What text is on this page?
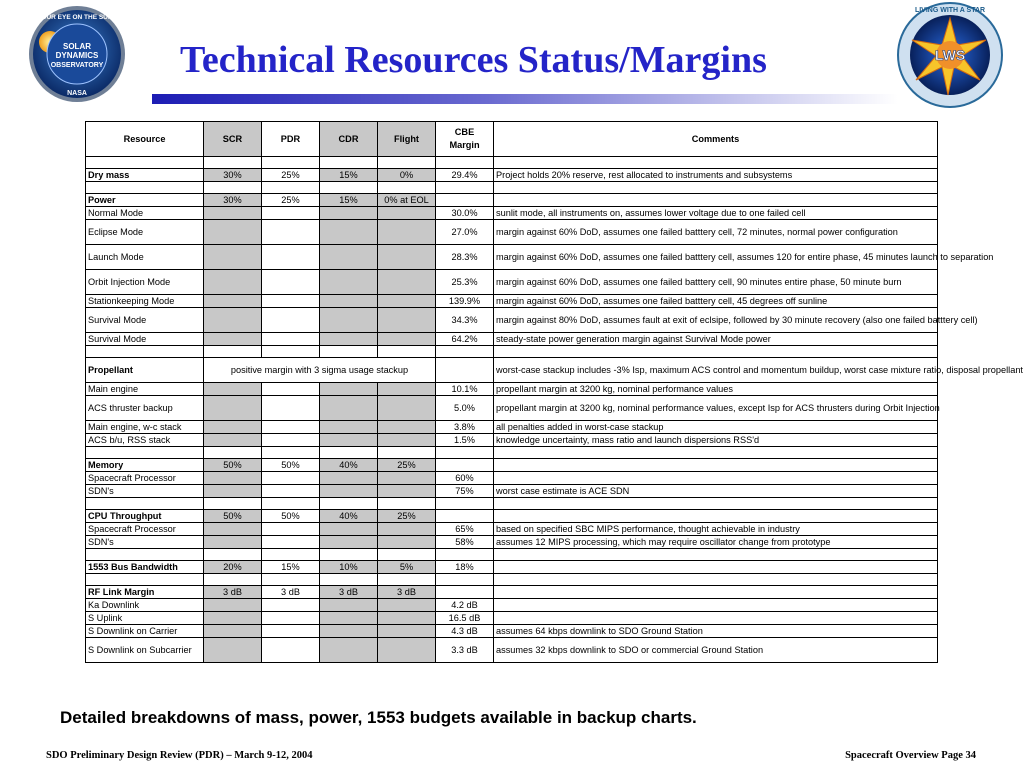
OUR EYE ON THE SUN
SOLAR
DYNAMICS
OBSERVATORY
NASA
Technical Resources Status/Margins
LIVING WITH A STAR
LWS
Resource	SCR	PDR	CDR	Flight	CBE
Margin	Comments

Dry mass	30%	25%	15%	0%	29.4%	Project holds 20% reserve, rest allocated to instruments and subsystems

Power	30%	25%	15%	0% at EOL		
Normal Mode					30.0%	sunlit mode, all instruments on, assumes lower voltage due to one failed cell
Eclipse Mode					27.0%	margin against 60% DoD, assumes one failed batttery cell, 72 minutes, normal power configuration
Launch Mode					28.3%	margin against 60% DoD, assumes one failed batttery cell, assumes 120 for entire phase, 45 minutes launch to separation
Orbit Injection Mode					25.3%	margin against 60% DoD, assumes one failed batttery cell, 90 minutes entire phase, 50 minute burn
Stationkeeping Mode					139.9%	margin against 60% DoD, assumes one failed batttery cell, 45 degrees off sunline
Survival Mode					34.3%	margin against 80% DoD, assumes fault at exit of eclsipe, followed by 30 minute recovery (also one failed batttery cell)
Survival Mode					64.2%	steady-state power generation margin against Survival Mode power

Propellant	positive margin with 3 sigma usage stackup					worst-case stackup includes -3% Isp, maximum ACS control and momentum buildup, worst case mixture ratio, disposal propellant
Main engine					10.1%	propellant margin at 3200 kg, nominal performance values
ACS thruster backup					5.0%	propellant margin at 3200 kg, nominal performance values, except Isp for ACS thrusters during Orbit Injection
Main engine, w-c stack					3.8%	all penalties added in worst-case stackup
ACS b/u, RSS stack					1.5%	knowledge uncertainty, mass ratio and launch dispersions RSS'd

Memory	50%	50%	40%	25%		
Spacecraft Processor					60%	
SDN's					75%	worst case estimate is ACE SDN

CPU Throughput	50%	50%	40%	25%		
Spacecraft Processor					65%	based on specified SBC MIPS performance, thought achievable in industry
SDN's					58%	assumes 12 MIPS processing, which may require oscillator change from prototype

1553 Bus Bandwidth	20%	15%	10%	5%	18%	

RF Link Margin	3 dB	3 dB	3 dB	3 dB		
Ka Downlink					4.2 dB	
S Uplink					16.5 dB	
S Downlink on Carrier					4.3 dB	assumes 64 kbps downlink to SDO Ground Station
S Downlink on Subcarrier					3.3 dB	assumes 32 kbps downlink to SDO or commercial Ground Station
Detailed breakdowns of mass, power, 1553 budgets available in backup charts.
SDO Preliminary Design Review (PDR) – March 9-12, 2004	Spacecraft Overview Page 34
